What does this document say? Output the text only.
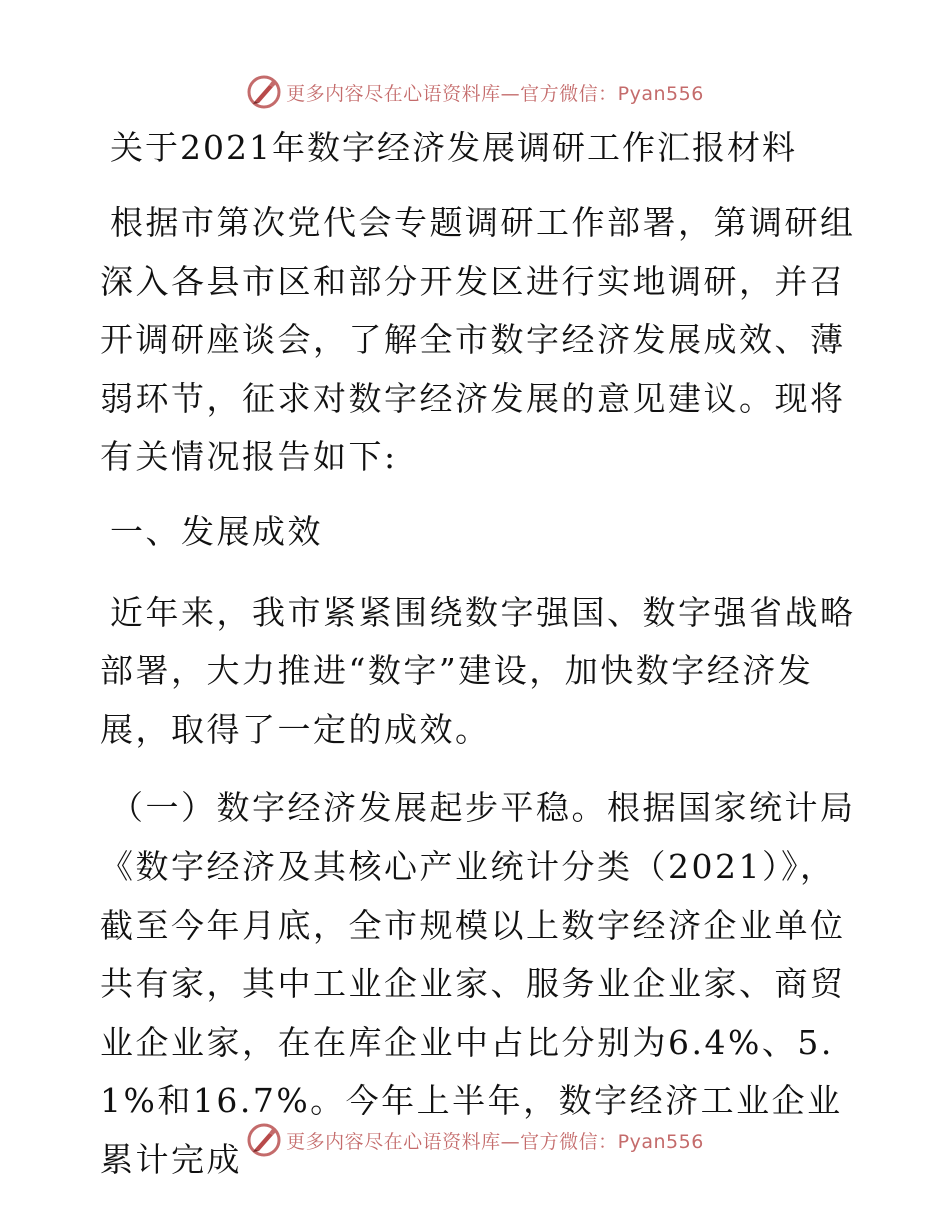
更多内容尽在心语资料库—官方微信：Pyan556
关于2021年数字经济发展调研工作汇报材料

根据市第次党代会专题调研工作部署，第调研组深入各县市区和部分开发区进行实地调研，并召开调研座谈会，了解全市数字经济发展成效、薄弱环节，征求对数字经济发展的意见建议。现将有关情况报告如下:

一、发展成效

近年来，我市紧紧围绕数字强国、数字强省战略部署，大力推进“数字”建设，加快数字经济发展，取得了一定的成效。

（一）数字经济发展起步平稳。根据国家统计局《数字经济及其核心产业统计分类（2021）》，截至今年月底，全市规模以上数字经济企业单位共有家，其中工业企业家、服务业企业家、商贸业企业家，在在库企业中占比分别为6.4%、5.1%和16.7%。今年上半年，数字经济工业企业累计完成	更多内容尽在心语资料库—官方微信：Pyan556
